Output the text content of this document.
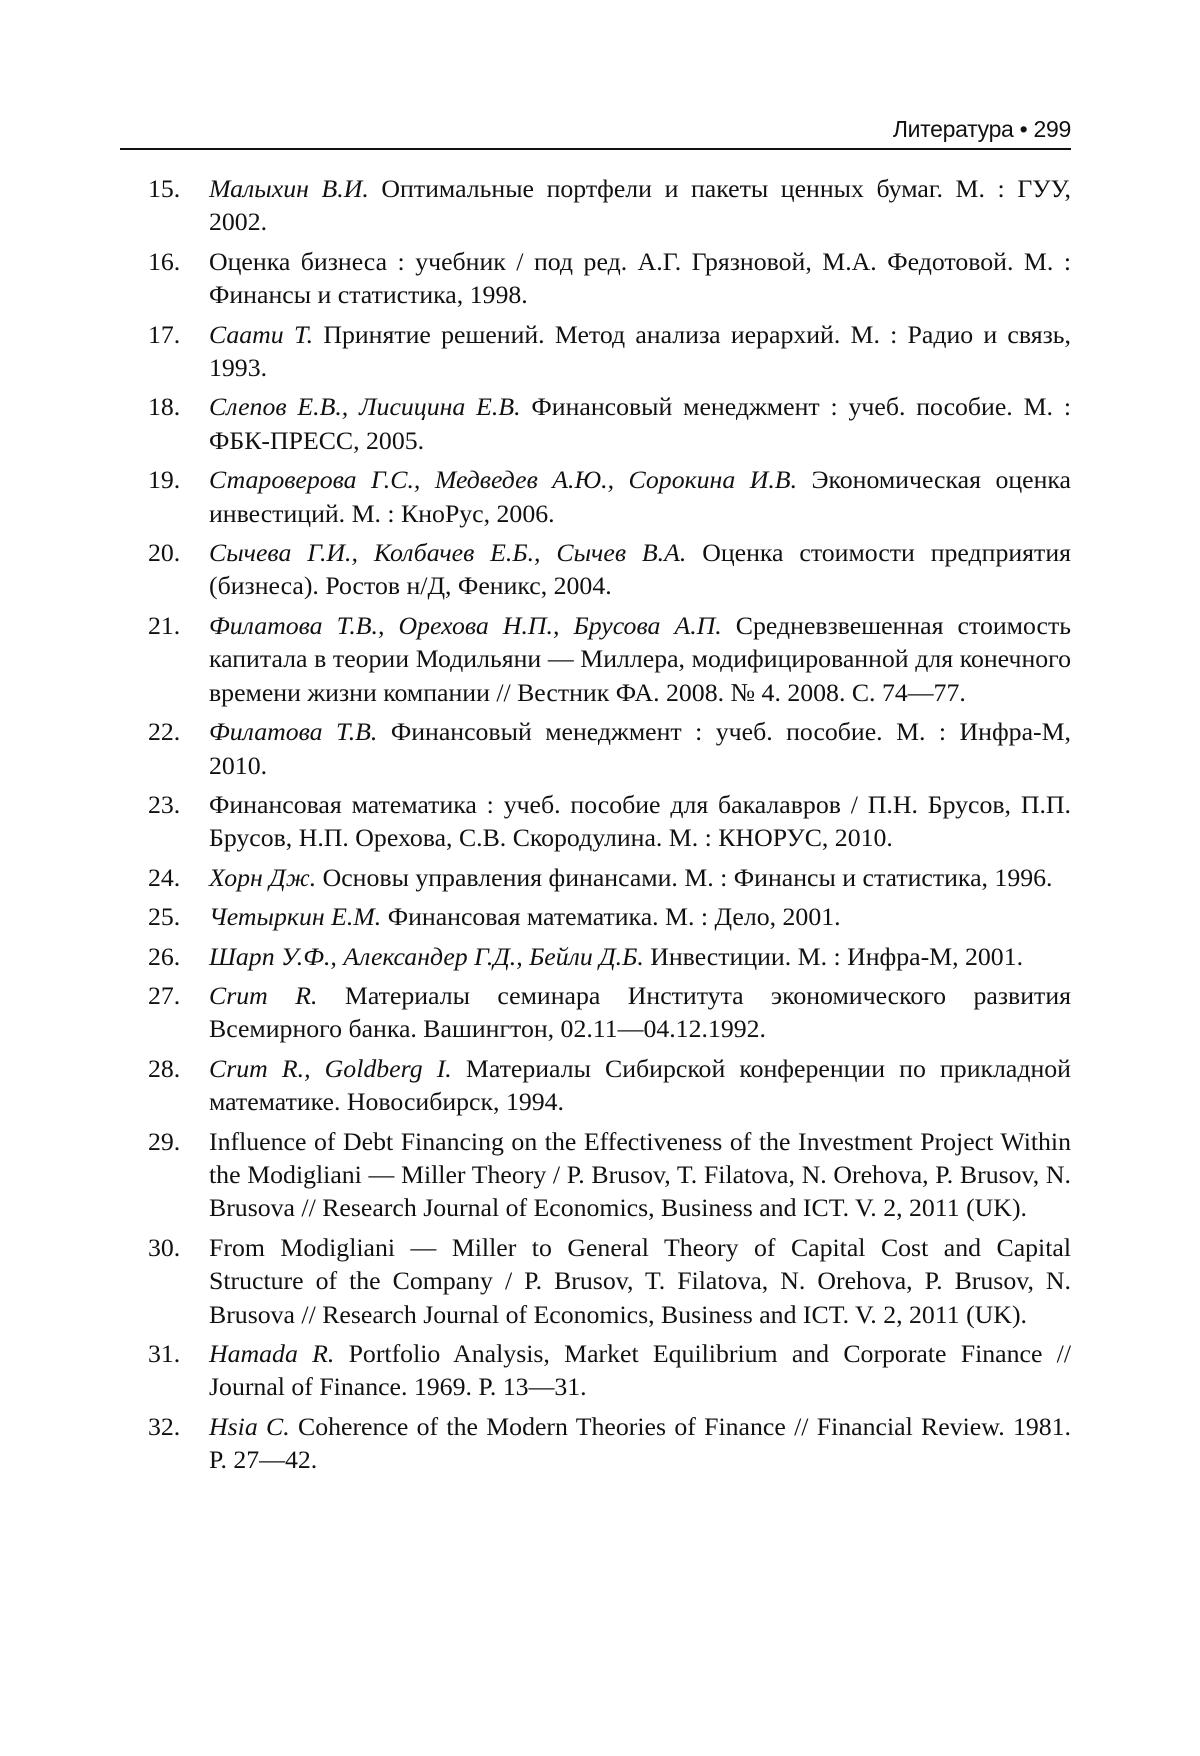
Литература • 299
15. Малыхин В.И. Оптимальные портфели и пакеты ценных бумаг. М. : ГУУ, 2002.
16. Оценка бизнеса : учебник / под ред. А.Г. Грязновой, М.А. Федотовой. М. : Финансы и статистика, 1998.
17. Саати Т. Принятие решений. Метод анализа иерархий. М. : Радио и связь, 1993.
18. Слепов Е.В., Лисицина Е.В. Финансовый менеджмент : учеб. пособие. М. : ФБК-ПРЕСС, 2005.
19. Староверова Г.С., Медведев А.Ю., Сорокина И.В. Экономическая оценка инвестиций. М. : КноРус, 2006.
20. Сычева Г.И., Колбачев Е.Б., Сычев В.А. Оценка стоимости предприятия (бизнеса). Ростов н/Д, Феникс, 2004.
21. Филатова Т.В., Орехова Н.П., Брусова А.П. Средневзвешенная стоимость капитала в теории Модильяни — Миллера, модифицированной для конечного времени жизни компании // Вестник ФА. 2008. № 4. 2008. С. 74—77.
22. Филатова Т.В. Финансовый менеджмент : учеб. пособие. М. : Инфра-М, 2010.
23. Финансовая математика : учеб. пособие для бакалавров / П.Н. Брусов, П.П. Брусов, Н.П. Орехова, С.В. Скородулина. М. : КНОРУС, 2010.
24. Хорн Дж. Основы управления финансами. М. : Финансы и статистика, 1996.
25. Четыркин Е.М. Финансовая математика. М. : Дело, 2001.
26. Шарп У.Ф., Александер Г.Д., Бейли Д.Б. Инвестиции. М. : Инфра-М, 2001.
27. Crum R. Материалы семинара Института экономического развития Всемирного банка. Вашингтон, 02.11—04.12.1992.
28. Crum R., Goldberg I. Материалы Сибирской конференции по прикладной математике. Новосибирск, 1994.
29. Influence of Debt Financing on the Effectiveness of the Investment Project Within the Modigliani — Miller Theory / P. Brusov, T. Filatova, N. Orehova, P. Brusov, N. Brusova // Research Journal of Economics, Business and ICT. V. 2, 2011 (UK).
30. From Modigliani — Miller to General Theory of Capital Cost and Capital Structure of the Company / P. Brusov, T. Filatova, N. Orehova, P. Brusov, N. Brusova // Research Journal of Economics, Business and ICT. V. 2, 2011 (UK).
31. Hamada R. Portfolio Analysis, Market Equilibrium and Corporate Finance // Journal of Finance. 1969. P. 13—31.
32. Hsia C. Coherence of the Modern Theories of Finance // Financial Review. 1981. P. 27—42.
